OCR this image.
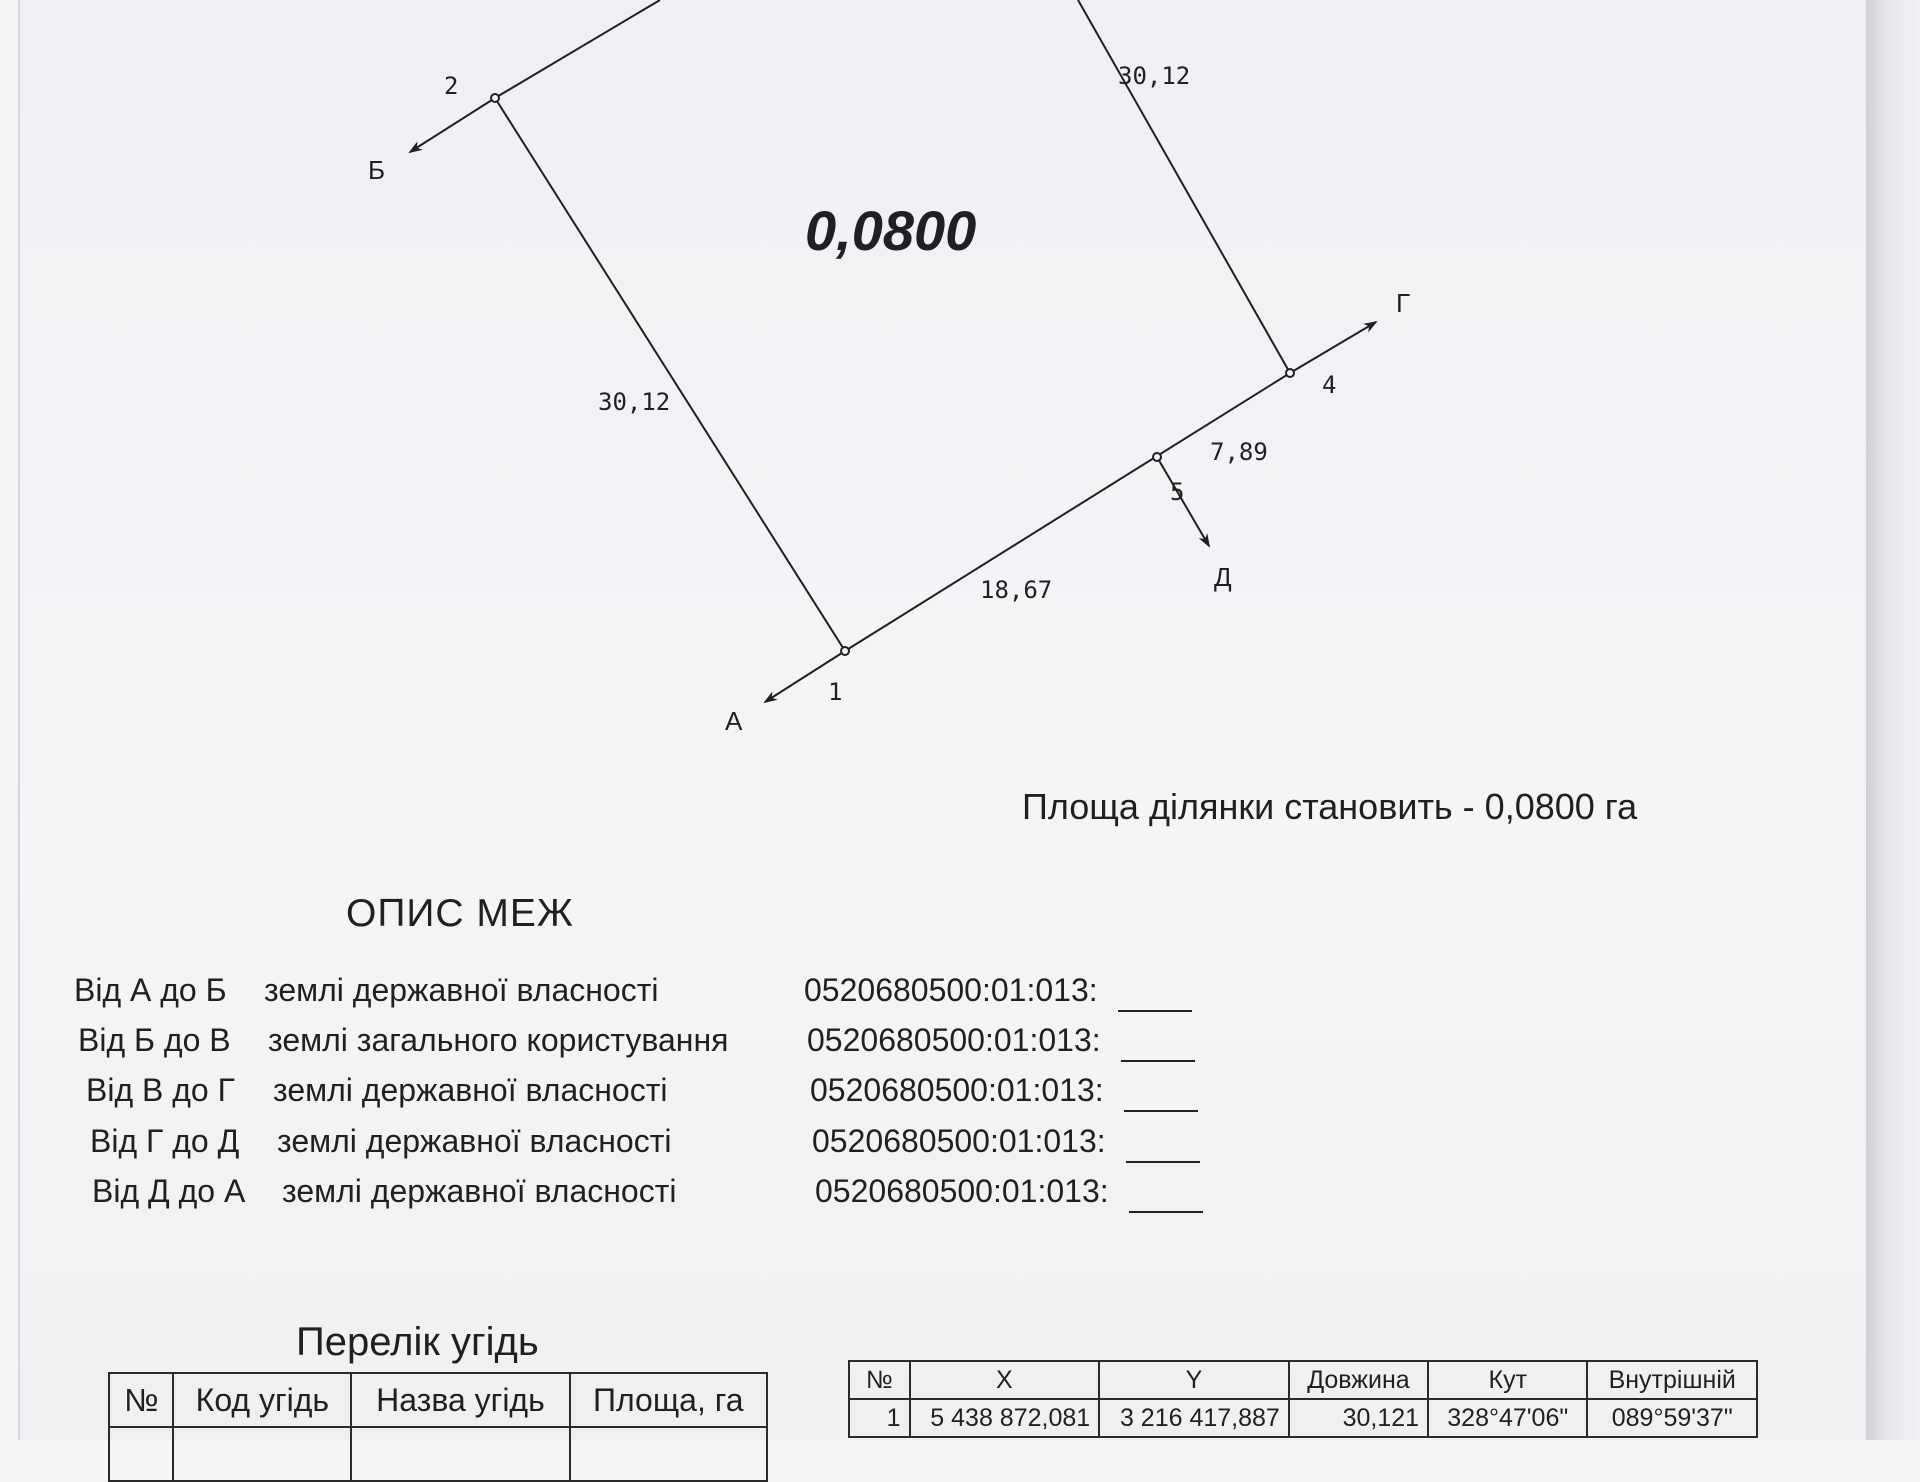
0,0800
30,12
30,12
18,67
7,89
1
2
4
5
А
Б
Г
Д
Площа ділянки становить - 0,0800 га
ОПИС МЕЖ
Від А до Б землі державної власності	0520680500:01:013:
Від Б до В землі загального користування 0520680500:01:013:
Від В до Г землі державної власності	0520680500:01:013:
Від Г до Д землі державної власності	0520680500:01:013:
Від Д до А землі державної власності	0520680500:01:013:
Перелік угідь
№	Код угідь	Назва угідь	Площа, га

№	X	Y	Довжина	Кут	Внутрішній
1	5 438 872,081	3 216 417,887	30,121	328°47'06"	089°59'37"
